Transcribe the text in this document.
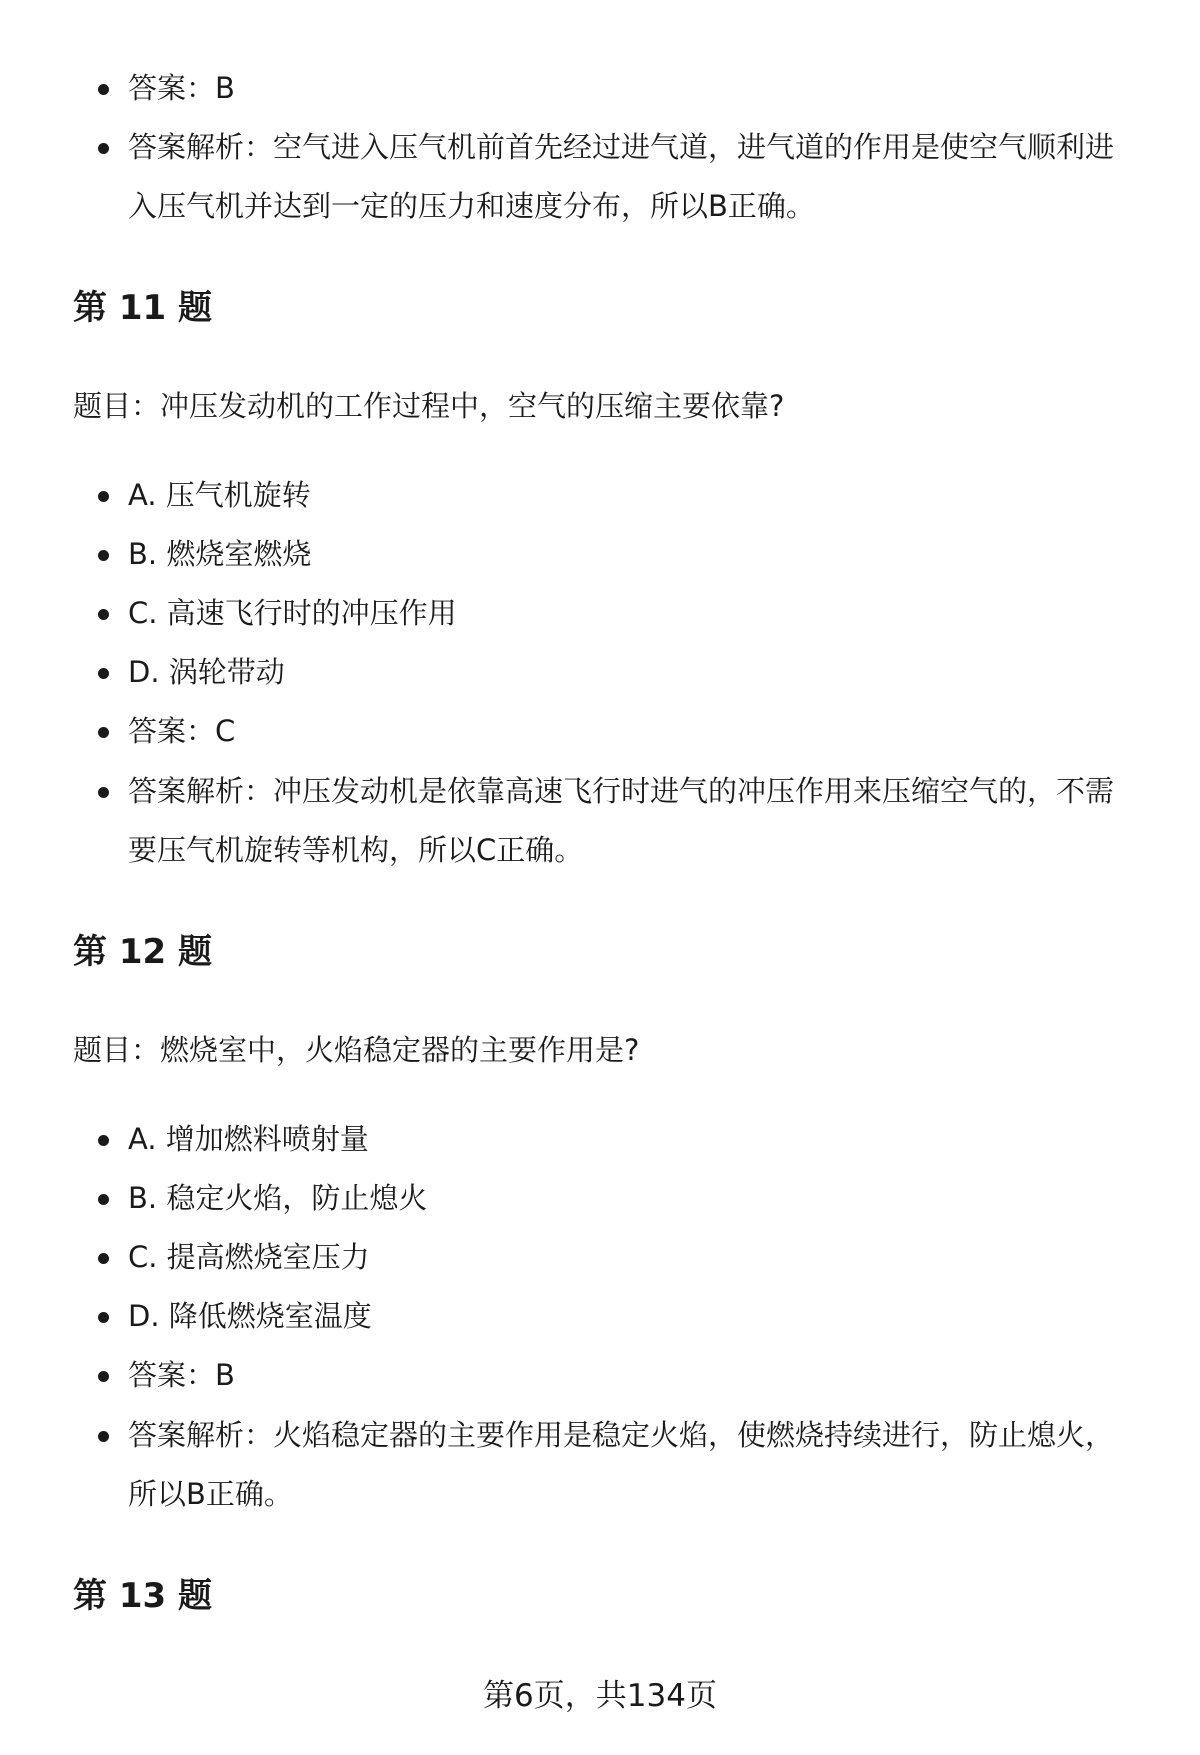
答案：B
答案解析：空气进入压气机前首先经过进气道，进气道的作用是使空气顺利进
入压气机并达到一定的压力和速度分布，所以B正确。
第 11 题
题目：冲压发动机的工作过程中，空气的压缩主要依靠?
A. 压气机旋转
B. 燃烧室燃烧
C. 高速飞行时的冲压作用
D. 涡轮带动
答案：C
答案解析：冲压发动机是依靠高速飞行时进气的冲压作用来压缩空气的，不需
要压气机旋转等机构，所以C正确。
第 12 题
题目：燃烧室中，火焰稳定器的主要作用是?
A. 增加燃料喷射量
B. 稳定火焰，防止熄火
C. 提高燃烧室压力
D. 降低燃烧室温度
答案：B
答案解析：火焰稳定器的主要作用是稳定火焰，使燃烧持续进行，防止熄火，
所以B正确。
第 13 题
第6页，共134页
